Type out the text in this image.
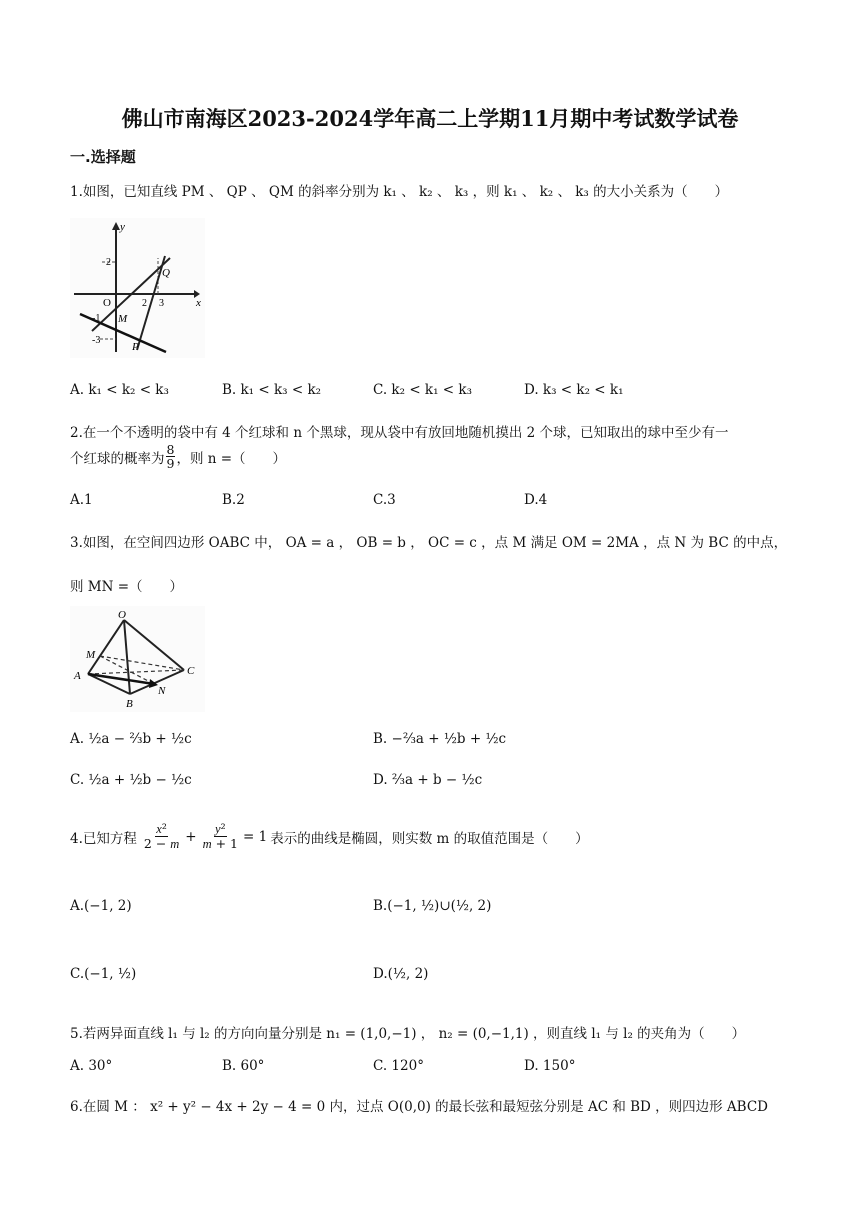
佛山市南海区2023-2024学年高二上学期11月期中考试数学试卷
一.选择题
1.如图，已知直线 PM 、 QP 、 QM 的斜率分别为 k₁ 、 k₂ 、 k₃ ，则 k₁ 、 k₂ 、 k₃ 的大小关系为（　　）
y
x
O
Q
M
P
2 3
2
-1
-3
A. k₁ < k₂ < k₃	B. k₁ < k₃ < k₂	C. k₂ < k₁ < k₃	D. k₃ < k₂ < k₁
2.在一个不透明的袋中有 4 个红球和 n 个黑球，现从袋中有放回地随机摸出 2 个球，已知取出的球中至少有一
个红球的概率为 $\frac{8}{9}$ ，则 n =（　　）
A.1	B.2	C.3	D.4
3.如图，在空间四边形 OABC 中， OA = a ， OB = b ， OC = c ，点 M 满足 OM = 2MA ，点 N 为 BC 的中点，
则 MN =（　　）
O
M
A
B
C
N
A. ½a − ⅔b + ½c	B. −⅔a + ½b + ½c
C. ½a + ½b − ½c	D. ⅔a + b − ½c
4.已知方程 $\frac{\text{x²}}{2 - m} + \frac{\text{y²}}{m + 1} = 1$ 表示的曲线是椭圆，则实数 m 的取值范围是（　　）
A.(−1, 2)	B.(−1, ½)∪(½, 2)
C.(−1, ½)	D.(½, 2)
5.若两异面直线 l₁ 与 l₂ 的方向向量分别是 n₁ = (1,0,−1) ， n₂ = (0,−1,1) ，则直线 l₁ 与 l₂ 的夹角为（　　）
A. 30°	B. 60°	C. 120°	D. 150°
6.在圆 M ： x² + y² − 4x + 2y − 4 = 0 内，过点 O(0,0) 的最长弦和最短弦分别是 AC 和 BD ，则四边形 ABCD
